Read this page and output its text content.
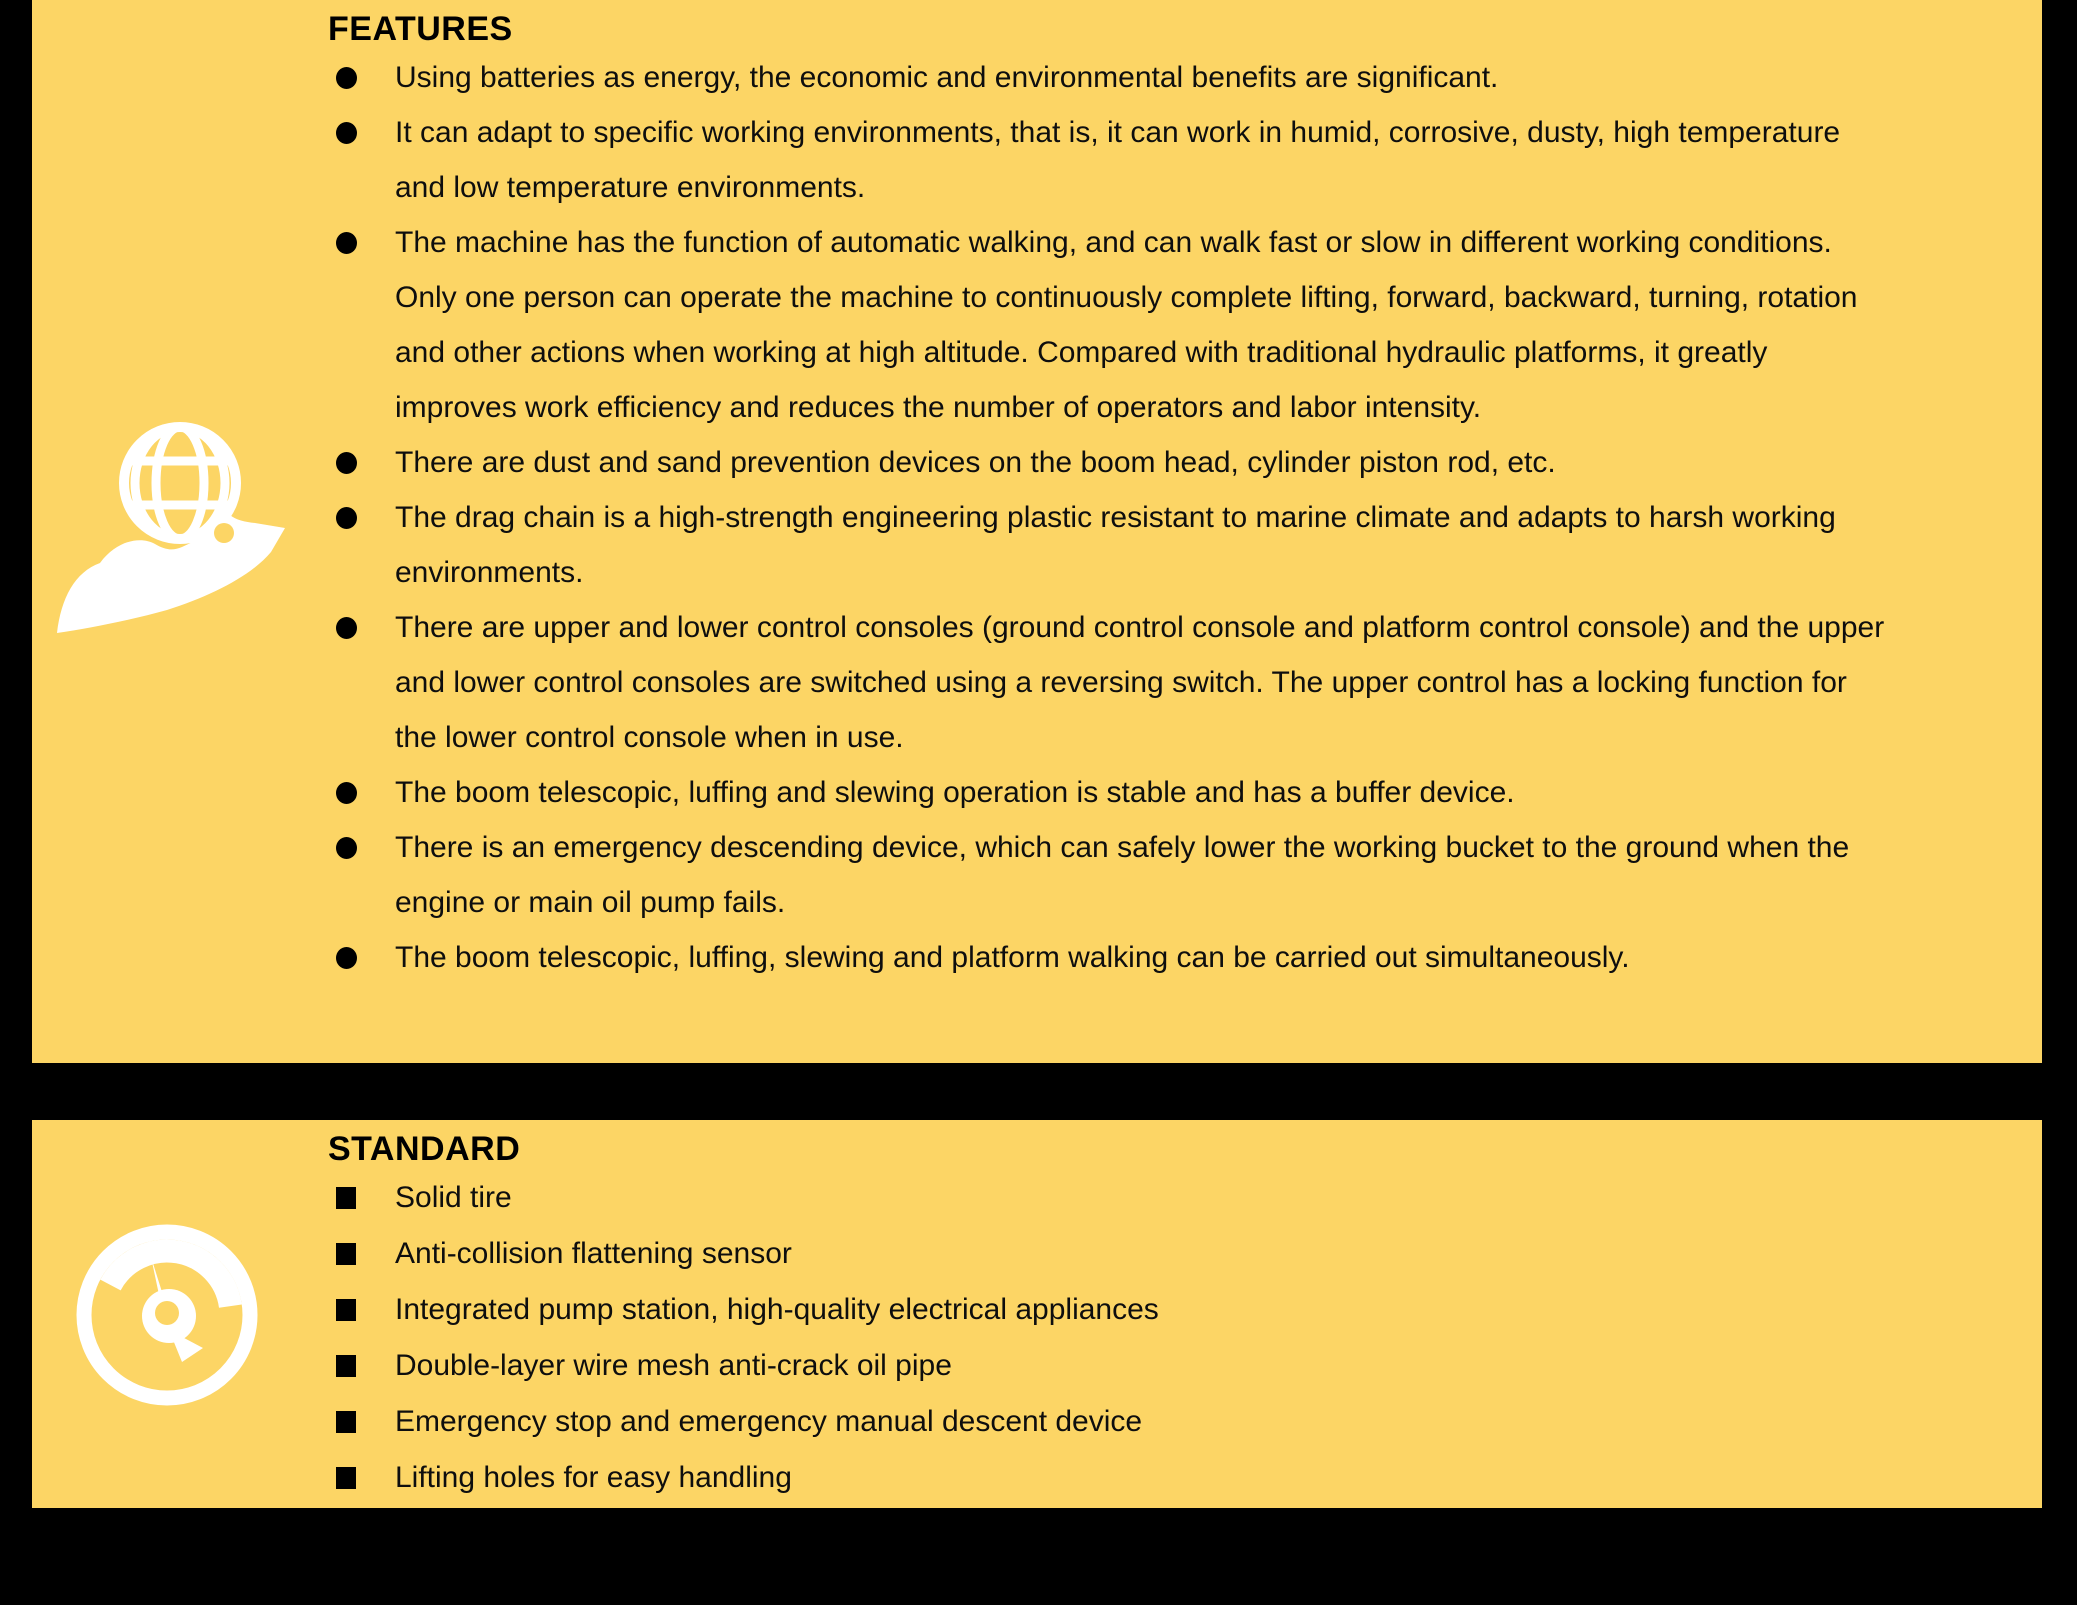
FEATURES
Using batteries as energy, the economic and environmental benefits are significant.
It can adapt to specific working environments, that is, it can work in humid, corrosive, dusty, high temperature and low temperature environments.
The machine has the function of automatic walking, and can walk fast or slow in different working conditions. Only one person can operate the machine to continuously complete lifting, forward, backward, turning, rotation and other actions when working at high altitude. Compared with traditional hydraulic platforms, it greatly improves work efficiency and reduces the number of operators and labor intensity.
There are dust and sand prevention devices on the boom head, cylinder piston rod, etc.
The drag chain is a high-strength engineering plastic resistant to marine climate and adapts to harsh working environments.
There are upper and lower control consoles (ground control console and platform control console) and the upper and lower control consoles are switched using a reversing switch. The upper control has a locking function for the lower control console when in use.
The boom telescopic, luffing and slewing operation is stable and has a buffer device.
There is an emergency descending device, which can safely lower the working bucket to the ground when the engine or main oil pump fails.
The boom telescopic, luffing, slewing and platform walking can be carried out simultaneously.
STANDARD
Solid tire
Anti-collision flattening sensor
Integrated pump station, high-quality electrical appliances
Double-layer wire mesh anti-crack oil pipe
Emergency stop and emergency manual descent device
Lifting holes for easy handling
